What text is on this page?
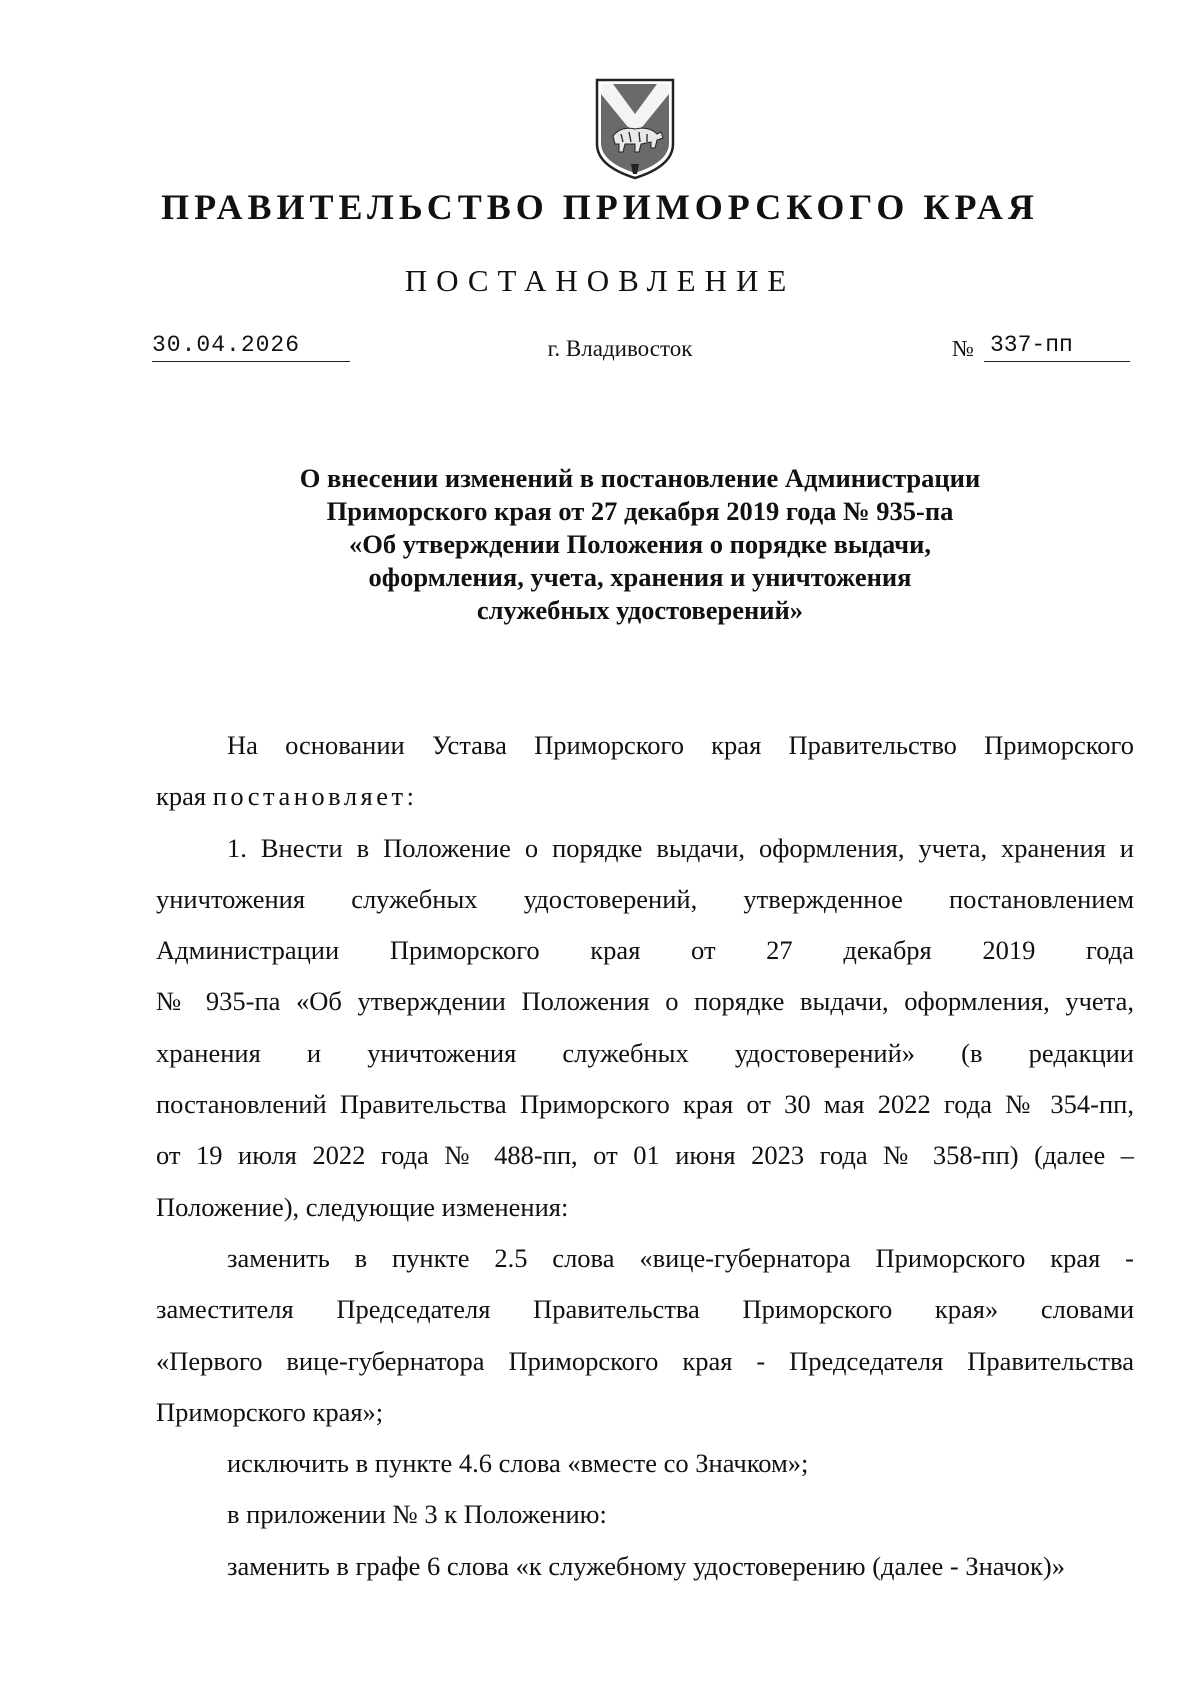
ПРАВИТЕЛЬСТВО ПРИМОРСКОГО КРАЯ
ПОСТАНОВЛЕНИЕ
30.04.2026	г. Владивосток	№ 337-пп
О внесении изменений в постановление Администрации
Приморского края от 27 декабря 2019 года № 935-па
«Об утверждении Положения о порядке выдачи,
оформления, учета, хранения и уничтожения
служебных удостоверений»
На основании Устава Приморского края Правительство Приморского
края постановляет:
1. Внести в Положение о порядке выдачи, оформления, учета, хранения и
уничтожения служебных удостоверений, утвержденное постановлением
Администрации Приморского края от 27 декабря 2019 года
№ 935-па «Об утверждении Положения о порядке выдачи, оформления, учета,
хранения и уничтожения служебных удостоверений» (в редакции
постановлений Правительства Приморского края от 30 мая 2022 года № 354-пп,
от 19 июля 2022 года № 488-пп, от 01 июня 2023 года № 358-пп) (далее –
Положение), следующие изменения:
заменить в пункте 2.5 слова «вице-губернатора Приморского края -
заместителя Председателя Правительства Приморского края» словами
«Первого вице-губернатора Приморского края - Председателя Правительства
Приморского края»;
исключить в пункте 4.6 слова «вместе со Значком»;
в приложении № 3 к Положению:
заменить в графе 6 слова «к служебному удостоверению (далее - Значок)»
